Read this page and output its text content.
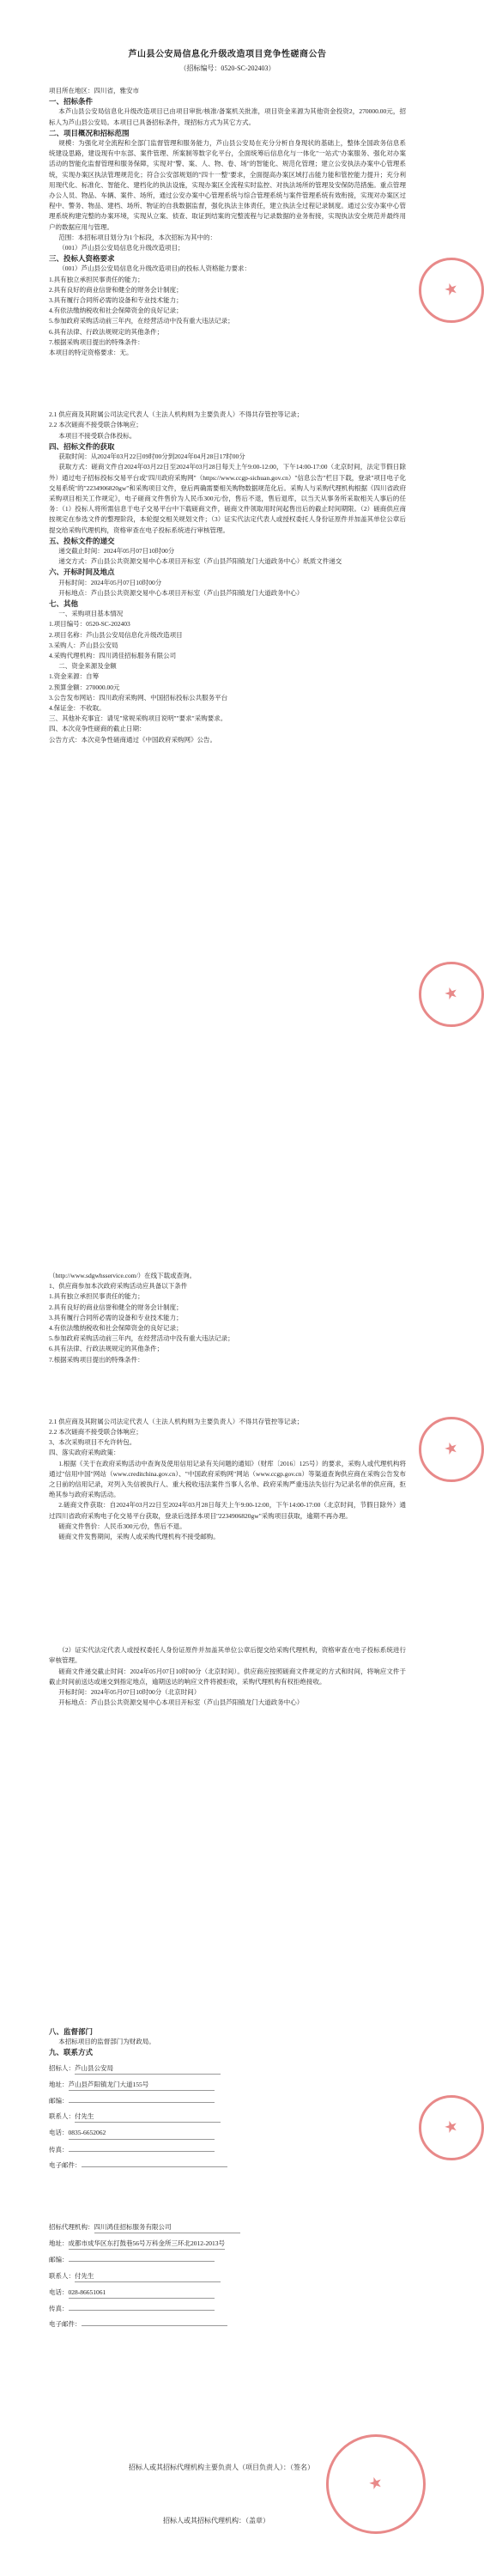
芦山县公安局信息化升级改造项目竞争性磋商公告
（招标编号：0520-SC-202403）

项目所在地区：四川省，雅安市

一、招标条件

本芦山县公安局信息化升级改造项目已由项目审批/核准/备案机关批准，项目资金来源为其他资金投资2，270000.00元，招标人为芦山县公安局。本项目已具备招标条件，现招标方式为其它方式。

二、项目概况和招标范围

规模：为强化对全流程和全部门监督管理和服务能力，芦山县公安局在充分分析自身现状的基础上，整体全国政务信息系统建设思路，建设现有中东部、案件管理、所案制等数字化平台，全面统筹后信息化与一体化"一站式"办案服务、强化对办案活动的智能化监督管理和服务保障，实现对"警、案、人、物、卷、场"的智能化、规范化管理；建立公安执法办案中心管理系统，实现办案区执法管理规范化；符合公安部规划的"四十一整"要求，全面提高办案区域打击能力能和管控能力提升；充分利用现代化、标准化、智能化、建档化的执法设施，实现办案区全流程实时监控、对执法场所的管理及安保防范措施。重点管理办公人员、物品、车辆、案件、场所，通过公安办案中心管理系统与综合管理系统与案件管理系统有效衔接，实现对办案区过程中、警务、物品、建档、场所、物证的自我数据监督，强化执法主体责任，建立执法全过程记录制度。通过公安办案中心管理系统构建完整的办案环境，实现从立案、侦查、取证到结案的完整流程与记录数据的业务衔接，实现执法安全规范并最终用户的数据应用与管理。

范围：本招标项目划分为1个标段，本次招标为其中的：

（001）芦山县公安局信息化升级改造项目；

三、投标人资格要求

（001）芦山县公安局信息化升级改造项目)的投标人资格能力要求：

1.具有独立承担民事责任的能力；

2.具有良好的商业信誉和健全的财务会计制度；

3.具有履行合同所必需的设备和专业技术能力；

4.有依法缴纳税收和社会保障资金的良好记录；

5.参加政府采购活动前三年内，在经营活动中没有重大违法记录；

6.具有法律、行政法规规定的其他条件；

7.根据采购项目提出的特殊条件：

本项目的特定资格要求：无。

2.1 供应商及其附属公司法定代表人（主法人机构则为主要负责人）不得共存管控等记录；

2.2 本次磋商不接受联合体响应；

本项目不接受联合体投标。

四、招标文件的获取

获取时间：从2024年03月22日09时00分到2024年04月28日17时00分

获取方式：磋商文件自2024年03月22日至2024年03月28日每天上午9:00-12:00，下午14:00-17:00（北京时间，法定节假日除外）通过电子招标投标交易平台或"四川政府采购网"（https://www.ccgp-sichuan.gov.cn）"信息公告"栏目下载，登录"项目电子化交易系统"的"2234906820gw"和采购项目文件，登后两确需要相关购物数据规范化后。采购人与采购代理机构根据《四川省政府采购项目相关工作规定》，电子磋商文件售价为人民币300元/份，售后不退，售后退库，以当天从事务所采取相关人事后的任务：（1）投标人将所需信息于电子交易平台中下载磋商文件，磋商文件领取用时间起售出后的截止时间期限。（2）磋商供应商按规定在参选文件的整理阶段，本轮提交相关规划文件；（3）证实代法定代表人或授权委托人身份证原件并加盖其单位公章后提交给采购代理机构，资格审查在电子投标系统进行审核管理。

五、投标文件的递交

递交截止时间：2024年05月07日10时00分

递交方式：芦山县公共资源交易中心本项目开标室（芦山县芦阳镇龙门大道政务中心）纸质文件递交

六、开标时间及地点

开标时间：2024年05月07日10时00分

开标地点：芦山县公共资源交易中心本项目开标室（芦山县芦阳镇龙门大道政务中心）

七、其他

一、采购项目基本情况

1.项目编号：0520-SC-202403

2.项目名称：芦山县公安局信息化升级改造项目

3.采购人：芦山县公安局

4.采购代理机构：四川鸿佳招标服务有限公司

二、资金来源及金额

1.资金来源：自筹

2.预算金额：270000.00元

3.公告发布网站：四川政府采购网、中国招标投标公共服务平台

4.保证金：不收取。

三、其他补充事宜：请见"常规采购项目说明""要求"采购要求。

四、本次竞争性磋商的截止日期：

公告方式：本次竞争性磋商通过《中国政府采购网》公告。

（http://www.sdgwhsservice.com/）在线下载或查询。

1、供应商参加本次政府采购活动应具备以下条件

1.具有独立承担民事责任的能力；

2.具有良好的商业信誉和健全的财务会计制度；

3.具有履行合同所必需的设备和专业技术能力；

4.有依法缴纳税收和社会保障资金的良好记录；

5.参加政府采购活动前三年内，在经营活动中没有重大违法记录；

6.具有法律、行政法规规定的其他条件；

7.根据采购项目提出的特殊条件：

2.1 供应商及其附属公司法定代表人（主法人机构则为主要负责人）不得共存管控等记录；

2.2 本次磋商不接受联合体响应；

3、本次采购项目不允许转包。

四、落实政府采购政策：

1.根据《关于在政府采购活动中查询及使用信用记录有关问题的通知》（财库〔2016〕125号）的要求，采购人或代理机构将通过"信用中国"网站（www.creditchina.gov.cn）、"中国政府采购网"网站（www.ccgp.gov.cn）等渠道查询供应商在采购公告发布之日前的信用记录，对列入失信被执行人、重大税收违法案件当事人名单、政府采购严重违法失信行为记录名单的供应商，拒绝其参与政府采购活动。

2.磋商文件获取：自2024年03月22日至2024年03月28日每天上午9:00-12:00，下午14:00-17:00（北京时间，节假日除外）通过四川省政府采购电子化交易平台获取，登录后选择本项目"2234906820gw"采购项目获取，逾期不再办理。

磋商文件售价：人民币300元/份，售后不退。

磋商文件发售期间，采购人或采购代理机构不接受邮购。

（2）证实代法定代表人或授权委托人身份证原件并加盖其单位公章后提交给采购代理机构，资格审查在电子投标系统进行审核管理。

磋商文件递交截止时间：2024年05月07日10时00分（北京时间）。供应商应按照磋商文件规定的方式和时间，将响应文件于截止时间前送达或递交到指定地点，逾期送达的响应文件将被拒收，采购代理机构有权拒绝接收。

开标时间：2024年05月07日10时00分（北京时间）

开标地点：芦山县公共资源交易中心本项目开标室（芦山县芦阳镇龙门大道政务中心）

八、监督部门

本招标项目的监督部门为财政局。

九、联系方式

招标人：芦山县公安局

地址：芦山县芦阳镇龙门大道155号

邮编：

联系人：付先生

电话：0835-6652062

传真：

电子邮件：

招标代理机构：四川鸿佳招标服务有限公司

地址：成都市成华区东打鼓巷56号万科金所三环北2012-2013号

邮编：

联系人：付先生

电话：028-86651061

传真：

电子邮件：

招标人或其招标代理机构主要负责人（项目负责人）：（签名）
招标人或其招标代理机构：（盖章）
★
★
★
★
★
